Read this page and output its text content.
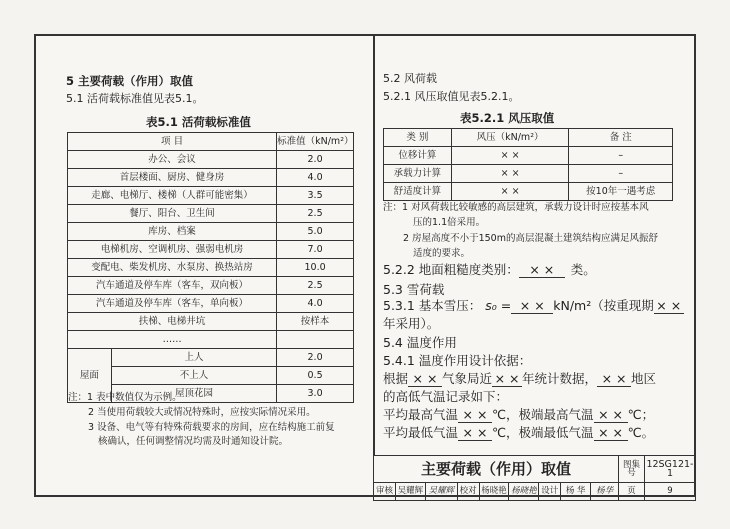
5 主要荷载（作用）取值
5.1 活荷载标准值见表5.1。
表5.1 活荷载标准值
项 目		标准值（kN/m²）
办公、会议		2.0
首层楼面、厨房、健身房		4.0
走廊、电梯厅、楼梯（人群可能密集）		3.5
餐厅、阳台、卫生间		2.5
库房、档案		5.0
电梯机房、空调机房、强弱电机房		7.0
变配电、柴发机房、水泵房、换热站房		10.0
汽车通道及停车库（客车，双向板）		2.5
汽车通道及停车库（客车，单向板）		4.0
扶梯、电梯井坑		按样本
……		
屋面	上人	2.0
	不上人	0.5
	屋顶花园	3.0
注：1 表中数值仅为示例。
2 当使用荷载较大或情况特殊时，应按实际情况采用。
3 设备、电气等有特殊荷载要求的房间，应在结构施工前复
核确认，任何调整情况均需及时通知设计院。
5.2 风荷载
5.2.1 风压取值见表5.2.1。
表5.2.1 风压取值
类 别	风压（kN/m²）	备 注
位移计算	× ×	–
承载力计算	× ×	–
舒适度计算	× ×	按10年一遇考虑
注：1 对风荷载比较敏感的高层建筑，承载力设计时应按基本风
压的1.1倍采用。
2 房屋高度不小于150m的高层混凝土建筑结构应满足风振舒
适度的要求。
5.2.2 地面粗糙度类别： × × 类。
5.3 雪荷载
5.3.1 基本雪压： s₀ = × × kN/m²（按重现期 × ×
年采用）。
5.4 温度作用
5.4.1 温度作用设计依据：
根据 × × 气象局近 × × 年统计数据， × × 地区
的高低气温记录如下：
平均最高气温 × × ℃，极端最高气温 × × ℃；
平均最低气温 × × ℃，极端最低气温 × × ℃。
主要荷载（作用）取值									图集号	12SG121-1
审核	吴耀辉	吴耀辉	校对	杨晓艳	杨晓艳	设计	杨 华	杨华	页	9
